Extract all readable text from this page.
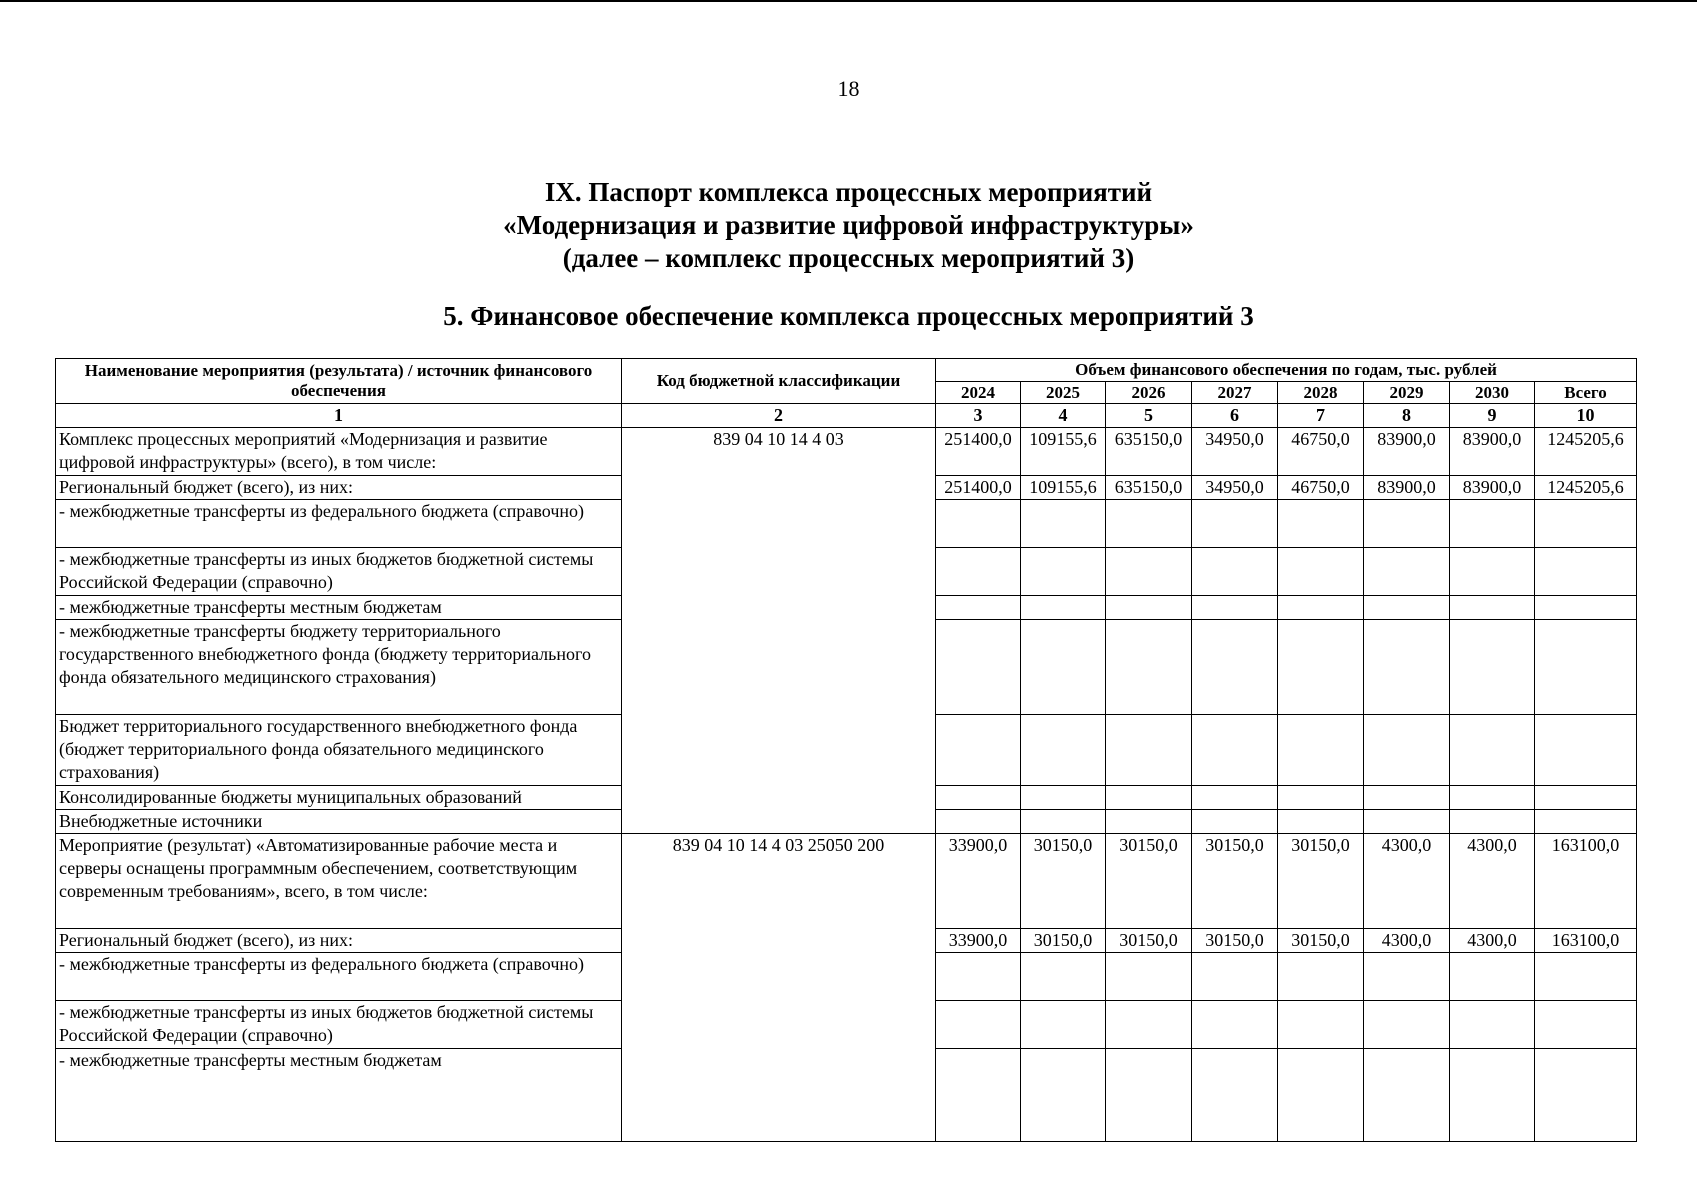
18
IX. Паспорт комплекса процессных мероприятий
«Модернизация и развитие цифровой инфраструктуры»
(далее – комплекс процессных мероприятий 3)
5. Финансовое обеспечение комплекса процессных мероприятий 3
Наименование мероприятия (результата) / источник финансового обеспечения	Код бюджетной классификации	Объем финансового обеспечения по годам, тыс. рублей							
		2024	2025	2026	2027	2028	2029	2030	Всего
1	2	3	4	5	6	7	8	9	10
Комплекс процессных мероприятий «Модернизация и развитие цифровой инфраструктуры» (всего), в том числе:	839 04 10 14 4 03	251400,0	109155,6	635150,0	34950,0	46750,0	83900,0	83900,0	1245205,6
Региональный бюджет (всего), из них:		251400,0	109155,6	635150,0	34950,0	46750,0	83900,0	83900,0	1245205,6
- межбюджетные трансферты из федерального бюджета (справочно)									
- межбюджетные трансферты из иных бюджетов бюджетной системы Российской Федерации (справочно)									
- межбюджетные трансферты местным бюджетам									
- межбюджетные трансферты бюджету территориального государственного внебюджетного фонда (бюджету территориального фонда обязательного медицинского страхования)									
Бюджет территориального государственного внебюджетного фонда (бюджет территориального фонда обязательного медицинского страхования)									
Консолидированные бюджеты муниципальных образований									
Внебюджетные источники									
Мероприятие (результат) «Автоматизированные рабочие места и серверы оснащены программным обеспечением, соответствующим современным требованиям», всего, в том числе:	839 04 10 14 4 03 25050 200	33900,0	30150,0	30150,0	30150,0	30150,0	4300,0	4300,0	163100,0
Региональный бюджет (всего), из них:		33900,0	30150,0	30150,0	30150,0	30150,0	4300,0	4300,0	163100,0
- межбюджетные трансферты из федерального бюджета (справочно)									
- межбюджетные трансферты из иных бюджетов бюджетной системы Российской Федерации (справочно)									
- межбюджетные трансферты местным бюджетам									
